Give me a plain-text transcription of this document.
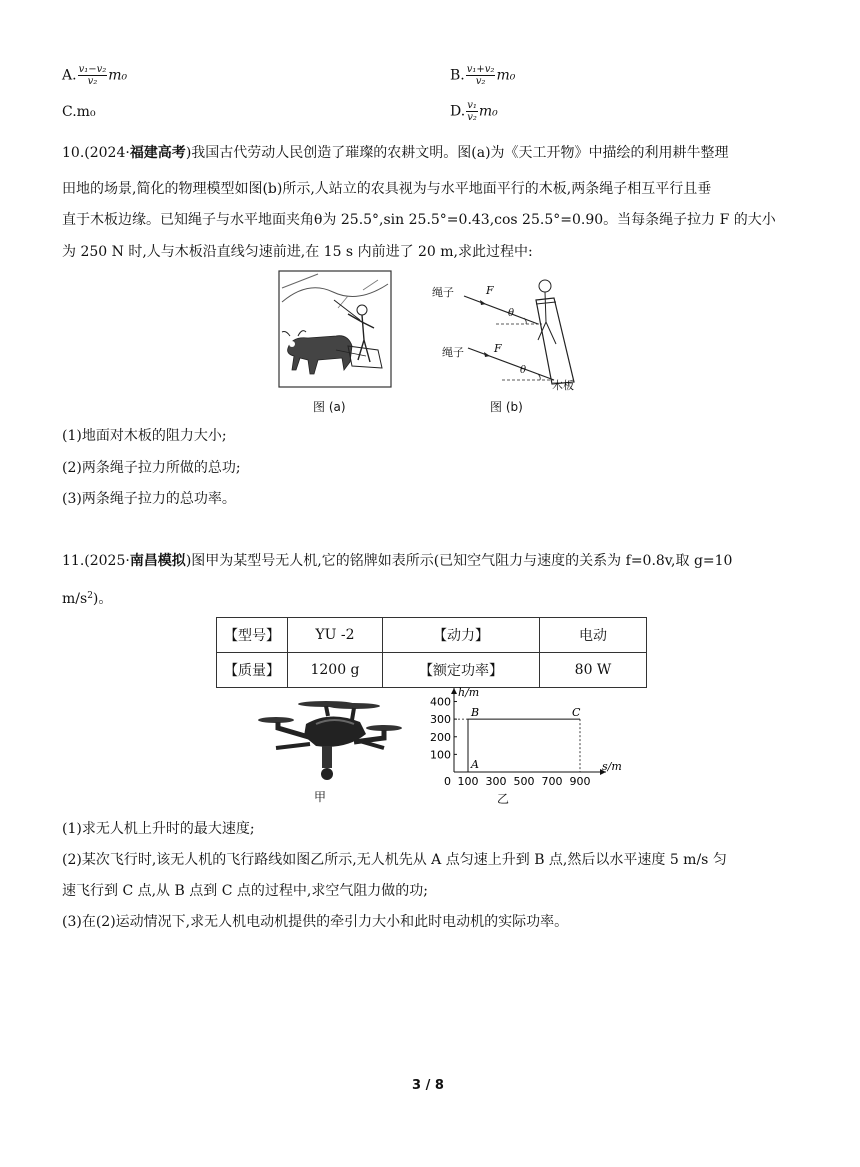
A. $\frac{\text{v₁−v₂}}{\text{v₂}} m_0$	B. $\frac{\text{v₁+v₂}}{\text{v₂}} m_0$
C.m₀	D. $\frac{\text{v₁}}{\text{v₂}} m_0$
10.(2024·福建高考)我国古代劳动人民创造了璀璨的农耕文明。图(a)为《天工开物》中描绘的利用耕牛整理
田地的场景,简化的物理模型如图(b)所示,人站立的农具视为与水平地面平行的木板,两条绳子相互平行且垂
直于木板边缘。已知绳子与水平地面夹角θ为 25.5°,sin 25.5°=0.43,cos 25.5°=0.90。当每条绳子拉力 F 的大小
为 250 N 时,人与木板沿直线匀速前进,在 15 s 内前进了 20 m,求此过程中:
图 (a)
绳子	F
θ
绳子	F
θ
木板
图 (b)
(1)地面对木板的阻力大小;
(2)两条绳子拉力所做的总功;
(3)两条绳子拉力的总功率。
11.(2025·南昌模拟)图甲为某型号无人机,它的铭牌如表所示(已知空气阻力与速度的关系为 f=0.8v,取 g=10
$m/s^2$)。
【型号】	YU -2	【动力】	电动
【质量】	1200 g	【额定功率】	80 W
甲
100
200
300
400
0 100 300 500 700 900
A
B	C
h/m
s/m
乙
(1)求无人机上升时的最大速度;
(2)某次飞行时,该无人机的飞行路线如图乙所示,无人机先从 A 点匀速上升到 B 点,然后以水平速度 5 m/s 匀
速飞行到 C 点,从 B 点到 C 点的过程中,求空气阻力做的功;
(3)在(2)运动情况下,求无人机电动机提供的牵引力大小和此时电动机的实际功率。
3 / 8
